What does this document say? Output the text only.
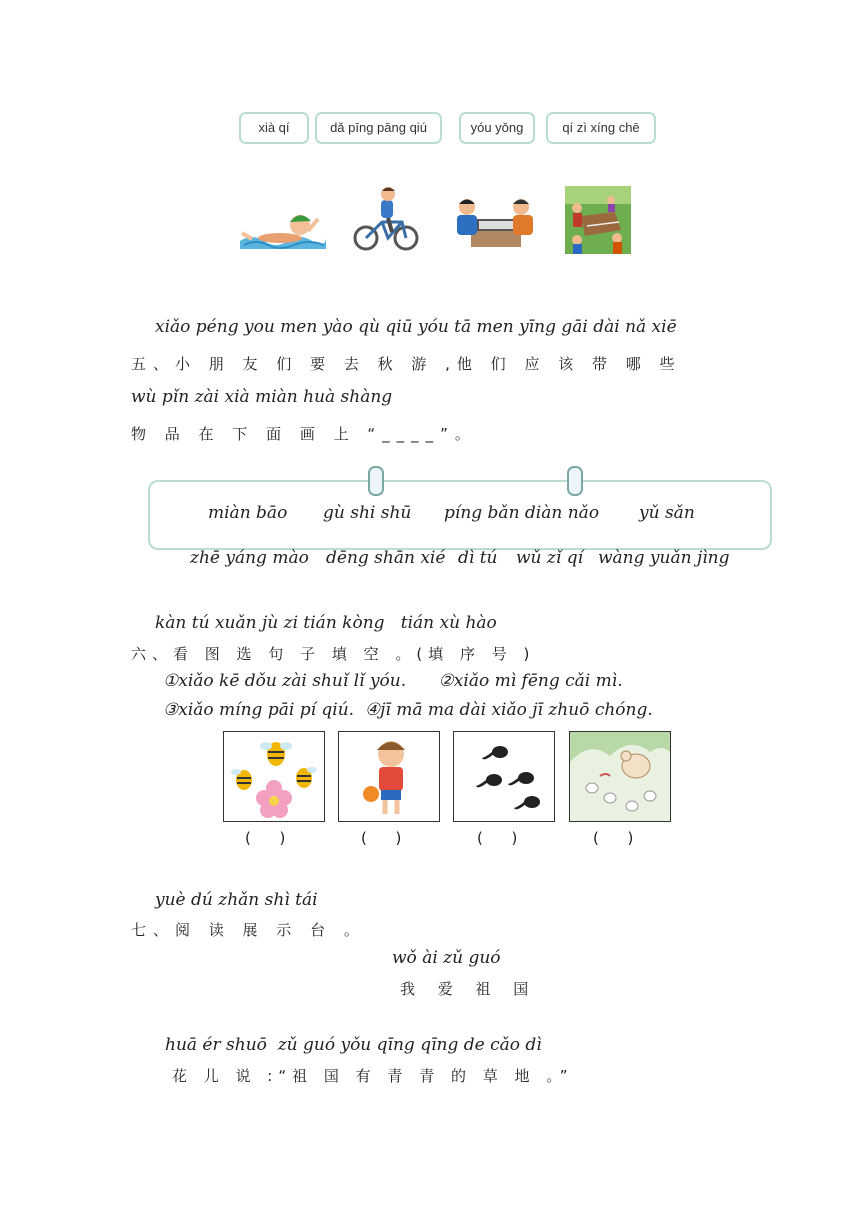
xià qí	dǎ pīng pāng qiú	yóu yǒng	qí zì xíng chē
xiǎo péng you men yào qù qiū yóu tā men yīng gāi dài nǎ xiē
五、小 朋 友 们 要 去 秋 游 ,他 们 应 该 带 哪 些
wù pǐn zài xià miàn huà shàng
物 品 在 下 面 画 上 “____”。
miàn bāo gù shi shū píng bǎn diàn nǎo yǔ sǎn
zhē yáng mào dēng shān xié dì tú wǔ zǐ qí wàng yuǎn jìng
kàn tú xuǎn jù zi tián kòng   tián xù hào
六、看 图 选 句 子 填 空 。(填 序 号 )
①xiǎo kē dǒu zài shuǐ lǐ yóu.      ②xiǎo mì fēng cǎi mì.
③xiǎo míng pāi pí qiú.  ④jī mā ma dài xiǎo jī zhuō chóng.
(      )	(      )	(      )	(      )
yuè dú zhǎn shì tái
七、阅 读 展 示 台 。
wǒ ài zǔ guó
我 爱 祖 国
huā ér shuō  zǔ guó yǒu qīng qīng de cǎo dì
花 儿 说 :“祖 国 有 青 青 的 草 地 。”
